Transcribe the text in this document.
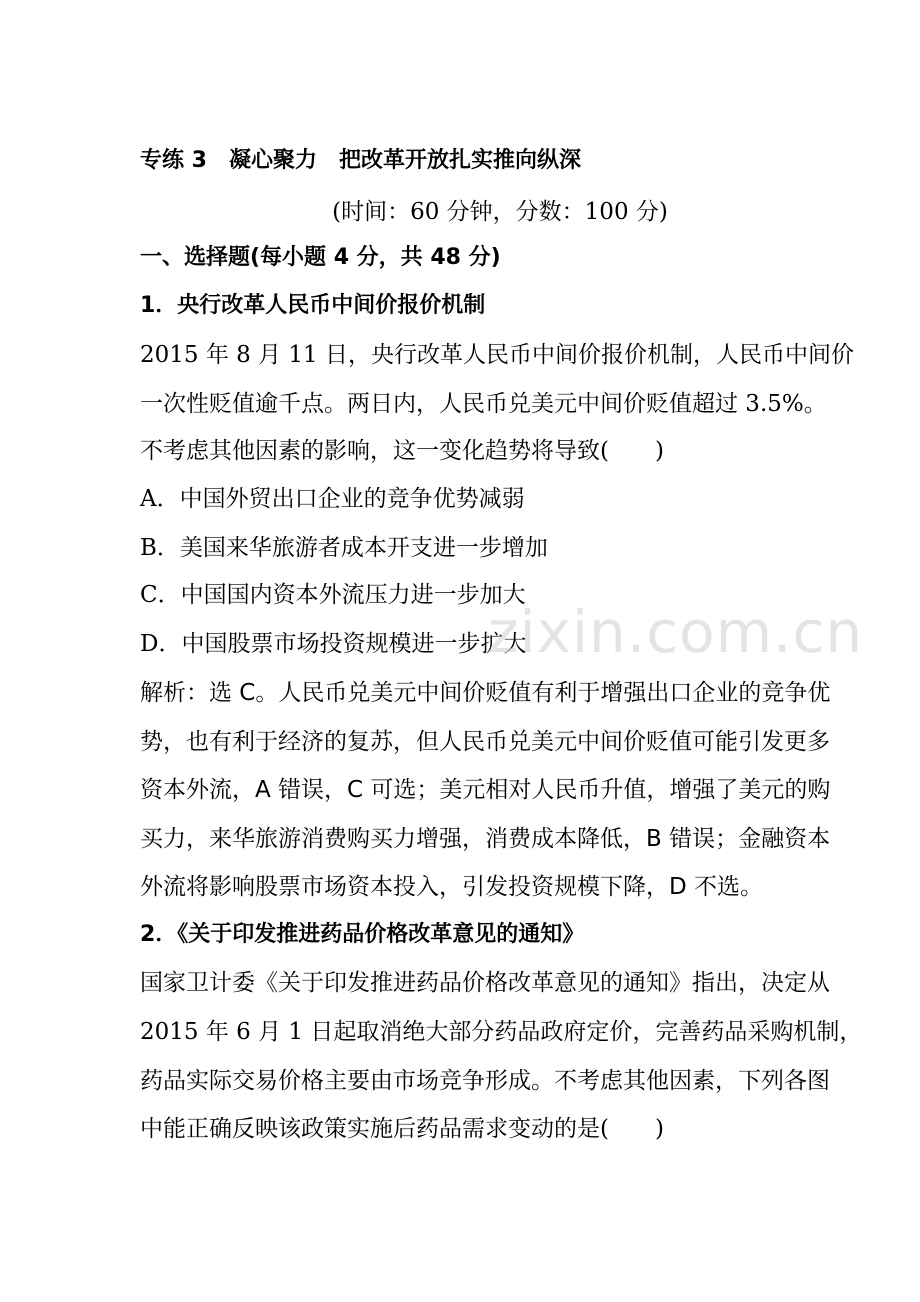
专练 3　凝心聚力　把改革开放扎实推向纵深
(时间：60 分钟，分数：100 分)
一、选择题(每小题 4 分，共 48 分)
1．央行改革人民币中间价报价机制
2015 年 8 月 11 日，央行改革人民币中间价报价机制，人民币中间价
一次性贬值逾千点。两日内，人民币兑美元中间价贬值超过 3.5%。
不考虑其他因素的影响，这一变化趋势将导致(　　)
A．中国外贸出口企业的竞争优势减弱
B．美国来华旅游者成本开支进一步增加
C．中国国内资本外流压力进一步加大
D．中国股票市场投资规模进一步扩大
解析：选 C。人民币兑美元中间价贬值有利于增强出口企业的竞争优
势，也有利于经济的复苏，但人民币兑美元中间价贬值可能引发更多
资本外流，A 错误，C 可选；美元相对人民币升值，增强了美元的购
买力，来华旅游消费购买力增强，消费成本降低，B 错误；金融资本
外流将影响股票市场资本投入，引发投资规模下降，D 不选。
2．《关于印发推进药品价格改革意见的通知》
国家卫计委《关于印发推进药品价格改革意见的通知》指出，决定从
2015 年 6 月 1 日起取消绝大部分药品政府定价，完善药品采购机制，
药品实际交易价格主要由市场竞争形成。不考虑其他因素，下列各图
中能正确反映该政策实施后药品需求变动的是(　　)
zixin.com.cn
